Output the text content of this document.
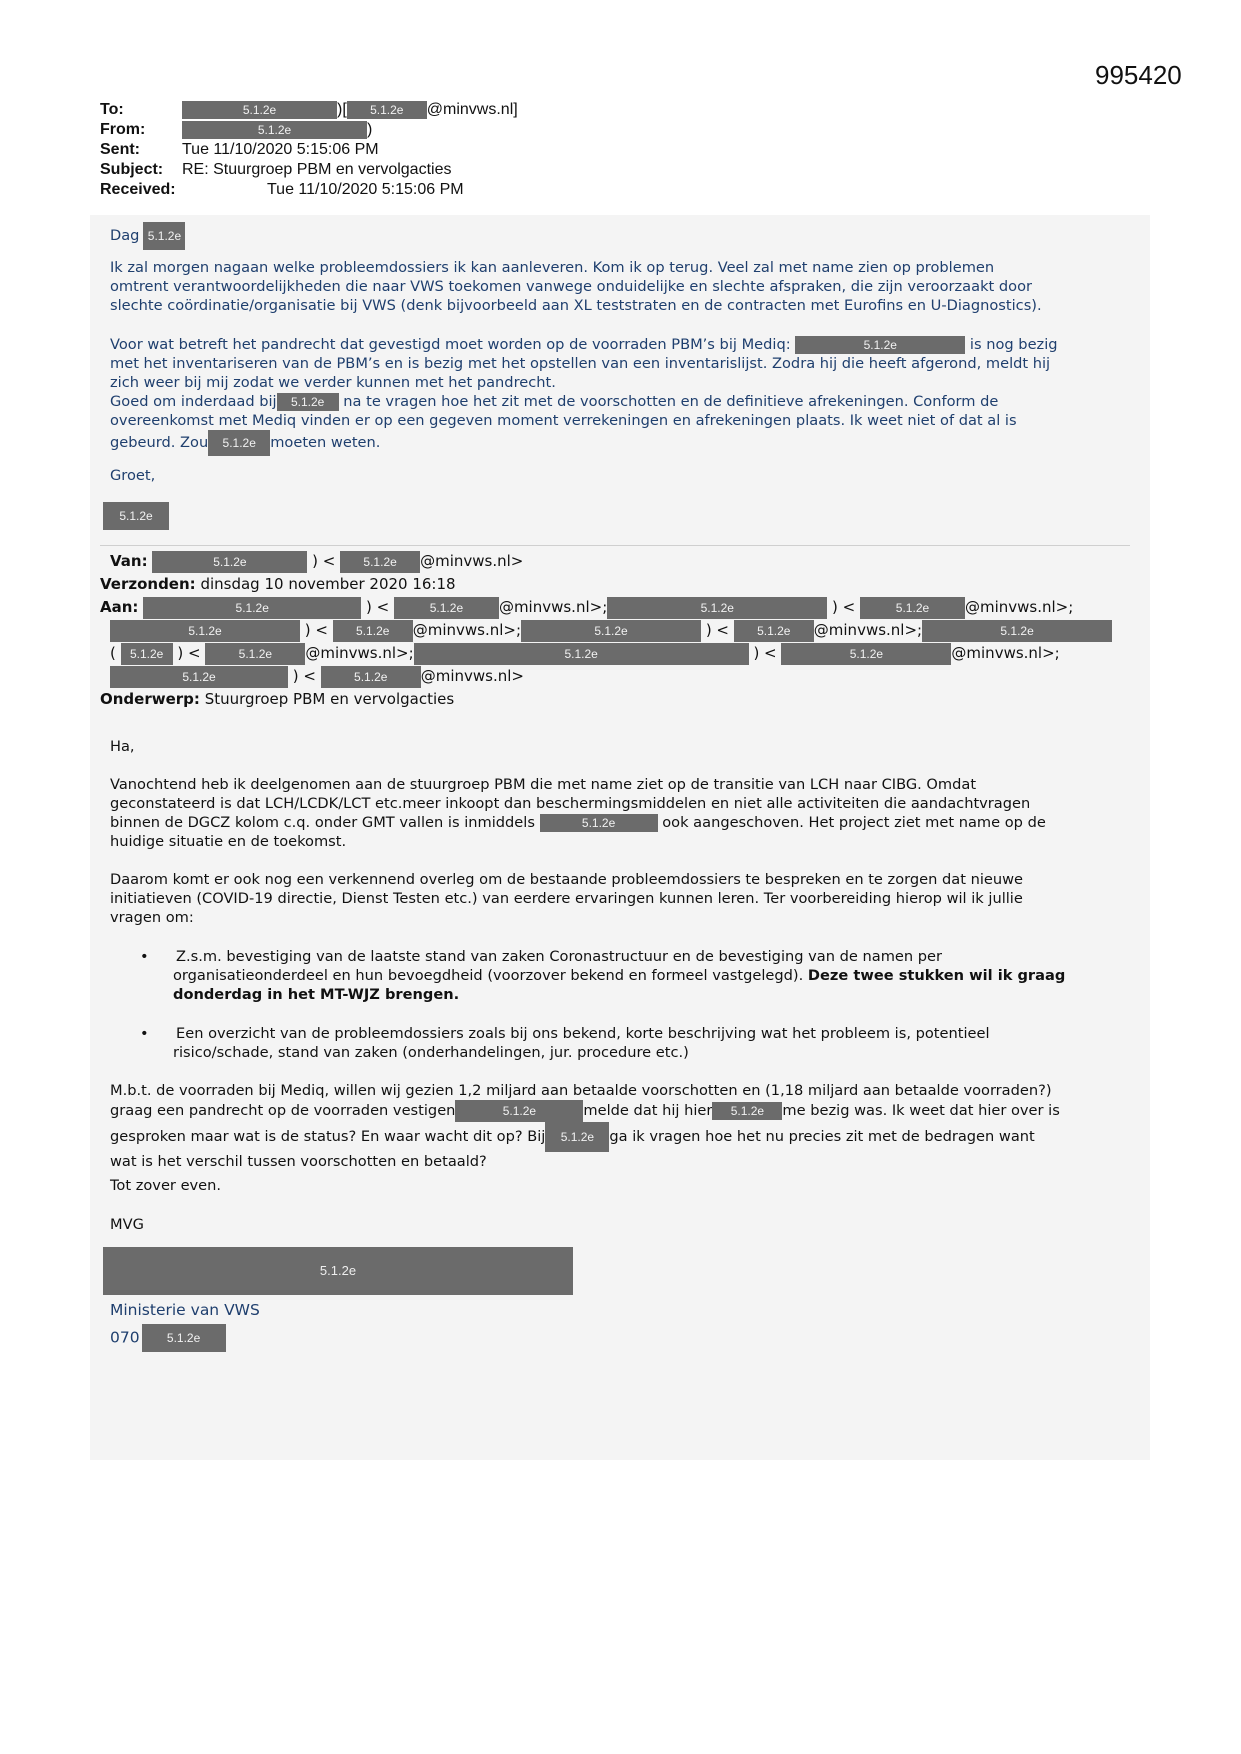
995420
To:	5.1.2e	)[ 5.1.2e @minvws.nl]
From:	5.1.2e	)
Sent:	Tue 11/10/2020 5:15:06 PM
Subject: RE: Stuurgroep PBM en vervolgacties
Received:	Tue 11/10/2020 5:15:06 PM
Dag 5.1.2e
Ik zal morgen nagaan welke probleemdossiers ik kan aanleveren. Kom ik op terug. Veel zal met name zien op problemen
omtrent verantwoordelijkheden die naar VWS toekomen vanwege onduidelijke en slechte afspraken, die zijn veroorzaakt door
slechte coördinatie/organisatie bij VWS (denk bijvoorbeeld aan XL teststraten en de contracten met Eurofins en U-Diagnostics).
Voor wat betreft het pandrecht dat gevestigd moet worden op de voorraden PBM’s bij Mediq:	5.1.2e	is nog bezig
met het inventariseren van de PBM’s en is bezig met het opstellen van een inventarislijst. Zodra hij die heeft afgerond, meldt hij
zich weer bij mij zodat we verder kunnen met het pandrecht.
Goed om inderdaad bij 5.1.2e na te vragen hoe het zit met de voorschotten en de definitieve afrekeningen. Conform de
overeenkomst met Mediq vinden er op een gegeven moment verrekeningen en afrekeningen plaats. Ik weet niet of dat al is
gebeurd. Zou 5.1.2e moeten weten.
Groet,
5.1.2e
Van:	5.1.2e	) < 5.1.2e @minvws.nl>
Verzonden: dinsdag 10 november 2020 16:18
Aan:	5.1.2e	) <	5.1.2e @minvws.nl>;	5.1.2e	) <	5.1.2e @minvws.nl>;
5.1.2e	) < 5.1.2e @minvws.nl>;	5.1.2e	) < 5.1.2e @minvws.nl>;	5.1.2e
( 5.1.2e ) <	5.1.2e @minvws.nl>;	5.1.2e	) <	5.1.2e	@minvws.nl>;
5.1.2e	) <	5.1.2e @minvws.nl>
Onderwerp: Stuurgroep PBM en vervolgacties
Ha,
Vanochtend heb ik deelgenomen aan de stuurgroep PBM die met name ziet op de transitie van LCH naar CIBG. Omdat
geconstateerd is dat LCH/LCDK/LCT etc.meer inkoopt dan beschermingsmiddelen en niet alle activiteiten die aandachtvragen
binnen de DGCZ kolom c.q. onder GMT vallen is inmiddels	5.1.2e	ook aangeschoven. Het project ziet met name op de
huidige situatie en de toekomst.
Daarom komt er ook nog een verkennend overleg om de bestaande probleemdossiers te bespreken en te zorgen dat nieuwe
initiatieven (COVID-19 directie, Dienst Testen etc.) van eerdere ervaringen kunnen leren. Ter voorbereiding hierop wil ik jullie
vragen om:
• Z.s.m. bevestiging van de laatste stand van zaken Coronastructuur en de bevestiging van de namen per
organisatieonderdeel en hun bevoegdheid (voorzover bekend en formeel vastgelegd). Deze twee stukken wil ik graag
donderdag in het MT-WJZ brengen.
• Een overzicht van de probleemdossiers zoals bij ons bekend, korte beschrijving wat het probleem is, potentieel
risico/schade, stand van zaken (onderhandelingen, jur. procedure etc.)
M.b.t. de voorraden bij Mediq, willen wij gezien 1,2 miljard aan betaalde voorschotten en (1,18 miljard aan betaalde voorraden?)
graag een pandrecht op de voorraden vestigen	5.1.2e	melde dat hij hier 5.1.2e me bezig was. Ik weet dat hier over is
gesproken maar wat is de status? En waar wacht dit op? Bij 5.1.2e ga ik vragen hoe het nu precies zit met de bedragen want
wat is het verschil tussen voorschotten en betaald?
Tot zover even.
MVG
5.1.2e
Ministerie van VWS
070 5.1.2e
